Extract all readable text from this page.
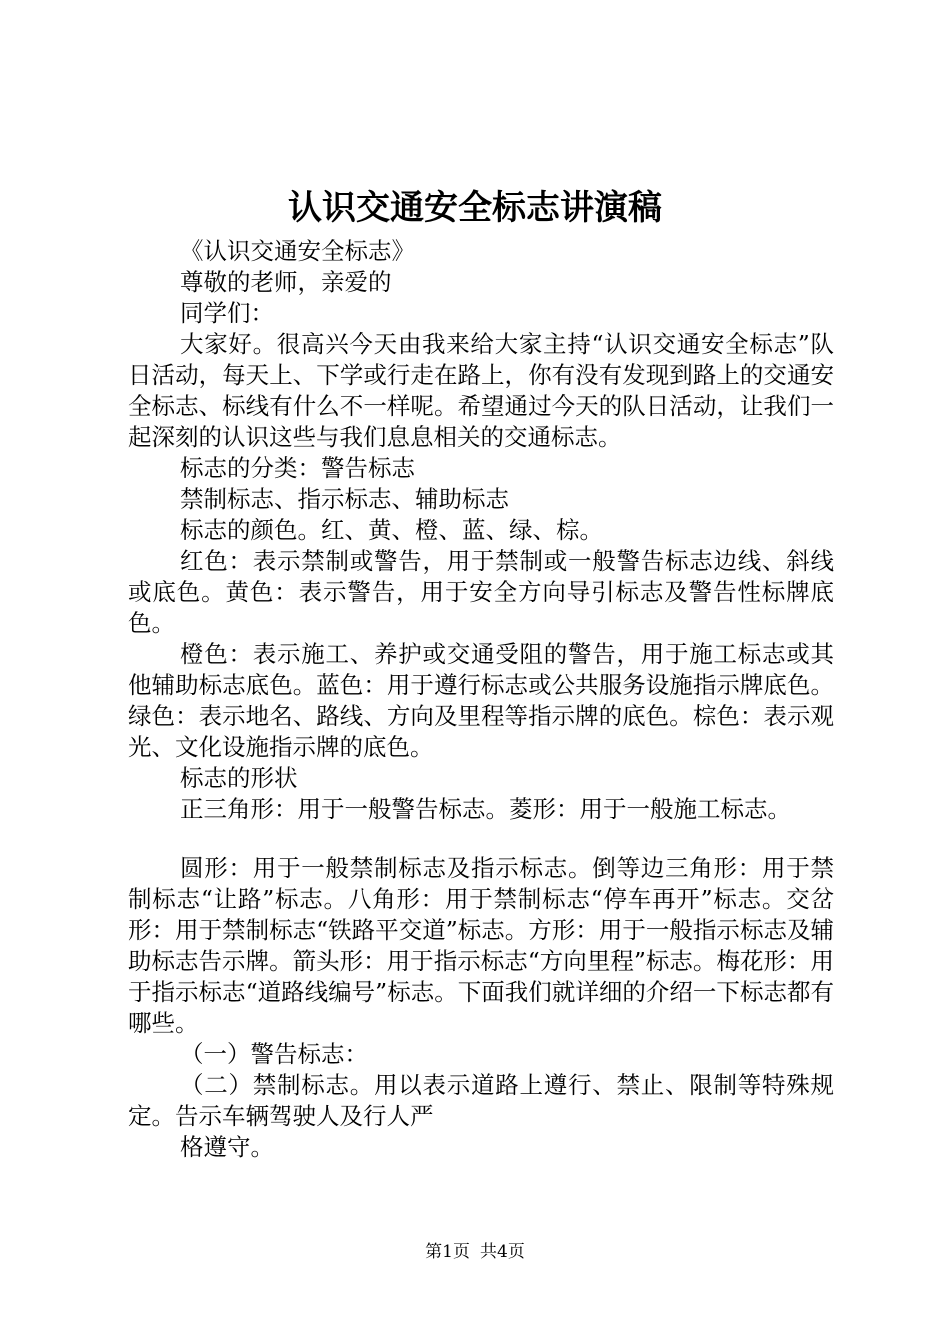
认识交通安全标志讲演稿

《认识交通安全标志》

尊敬的老师，亲爱的

同学们：

大家好。很高兴今天由我来给大家主持“认识交通安全标志”队日活动，每天上、下学或行走在路上，你有没有发现到路上的交通安全标志、标线有什么不一样呢。希望通过今天的队日活动，让我们一起深刻的认识这些与我们息息相关的交通标志。

标志的分类：警告标志

禁制标志、指示标志、辅助标志

标志的颜色。红、黄、橙、蓝、绿、棕。

红色：表示禁制或警告，用于禁制或一般警告标志边线、斜线或底色。黄色：表示警告，用于安全方向导引标志及警告性标牌底色。

橙色：表示施工、养护或交通受阻的警告，用于施工标志或其他辅助标志底色。蓝色：用于遵行标志或公共服务设施指示牌底色。绿色：表示地名、路线、方向及里程等指示牌的底色。棕色：表示观光、文化设施指示牌的底色。

标志的形状

正三角形：用于一般警告标志。菱形：用于一般施工标志。

圆形：用于一般禁制标志及指示标志。倒等边三角形：用于禁制标志“让路”标志。八角形：用于禁制标志“停车再开”标志。交岔形：用于禁制标志“铁路平交道”标志。方形：用于一般指示标志及辅助标志告示牌。箭头形：用于指示标志“方向里程”标志。梅花形：用于指示标志“道路线编号”标志。下面我们就详细的介绍一下标志都有哪些。

（一）警告标志：

（二）禁制标志。用以表示道路上遵行、禁止、限制等特殊规定。告示车辆驾驶人及行人严

格遵守。

第1页 共4页
